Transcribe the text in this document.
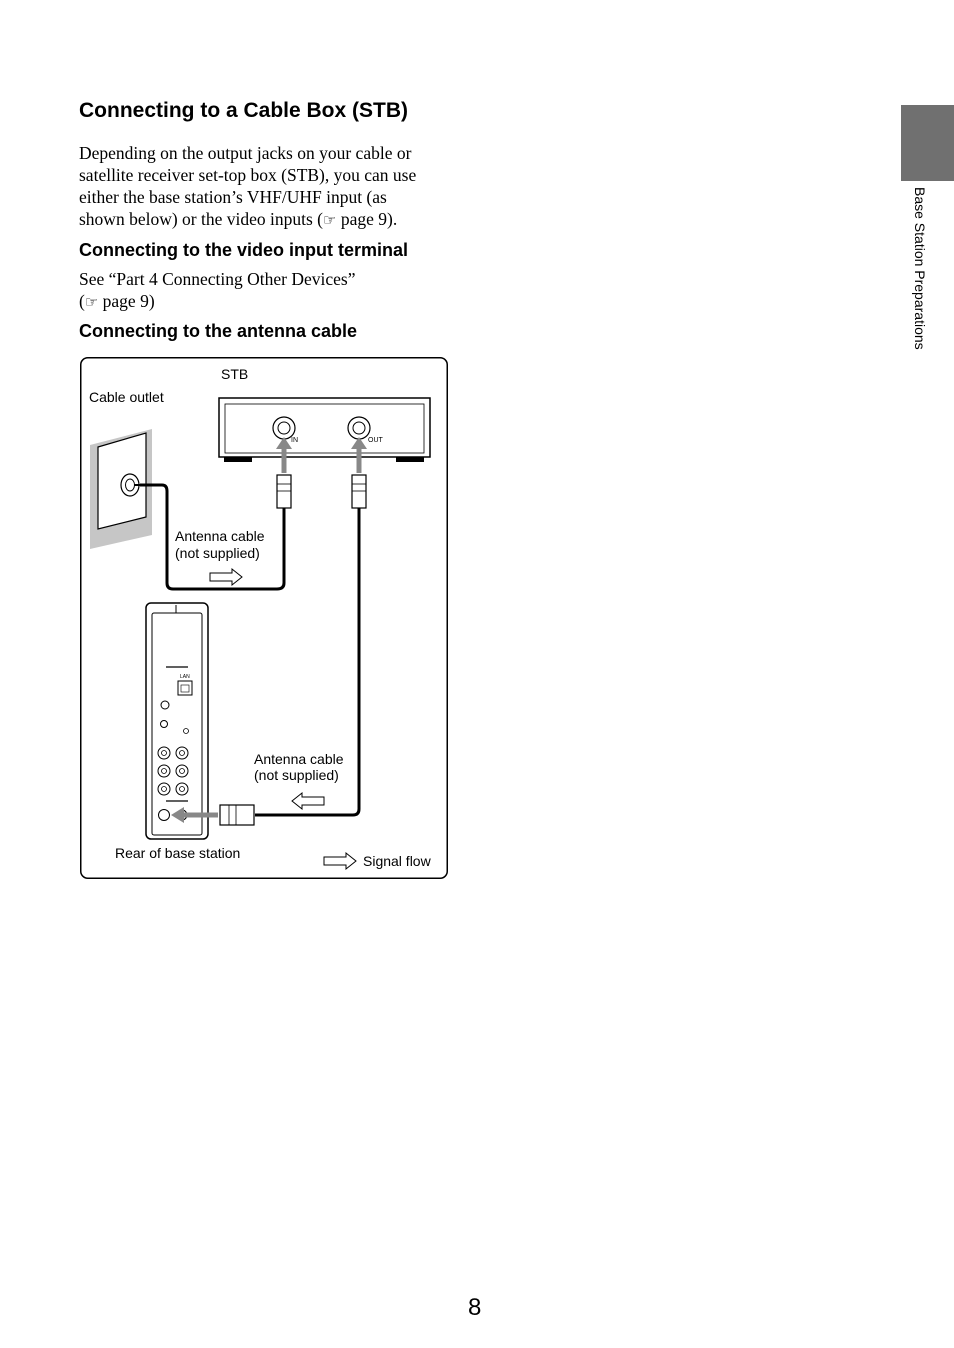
Connecting to a Cable Box (STB)

Depending on the output jacks on your cable or

satellite receiver set-top box (STB), you can use

either the base station’s VHF/UHF input (as

shown below) or the video inputs (☞ page 9).

Connecting to the video input terminal

See “Part 4 Connecting Other Devices”

(☞ page 9)

Connecting to the antenna cable
LAN
STB
Cable outlet
IN	OUT
Antenna cable
(not supplied)
Antenna cable
(not supplied)
Rear of base station	Signal flow
Base Station Preparations
8
